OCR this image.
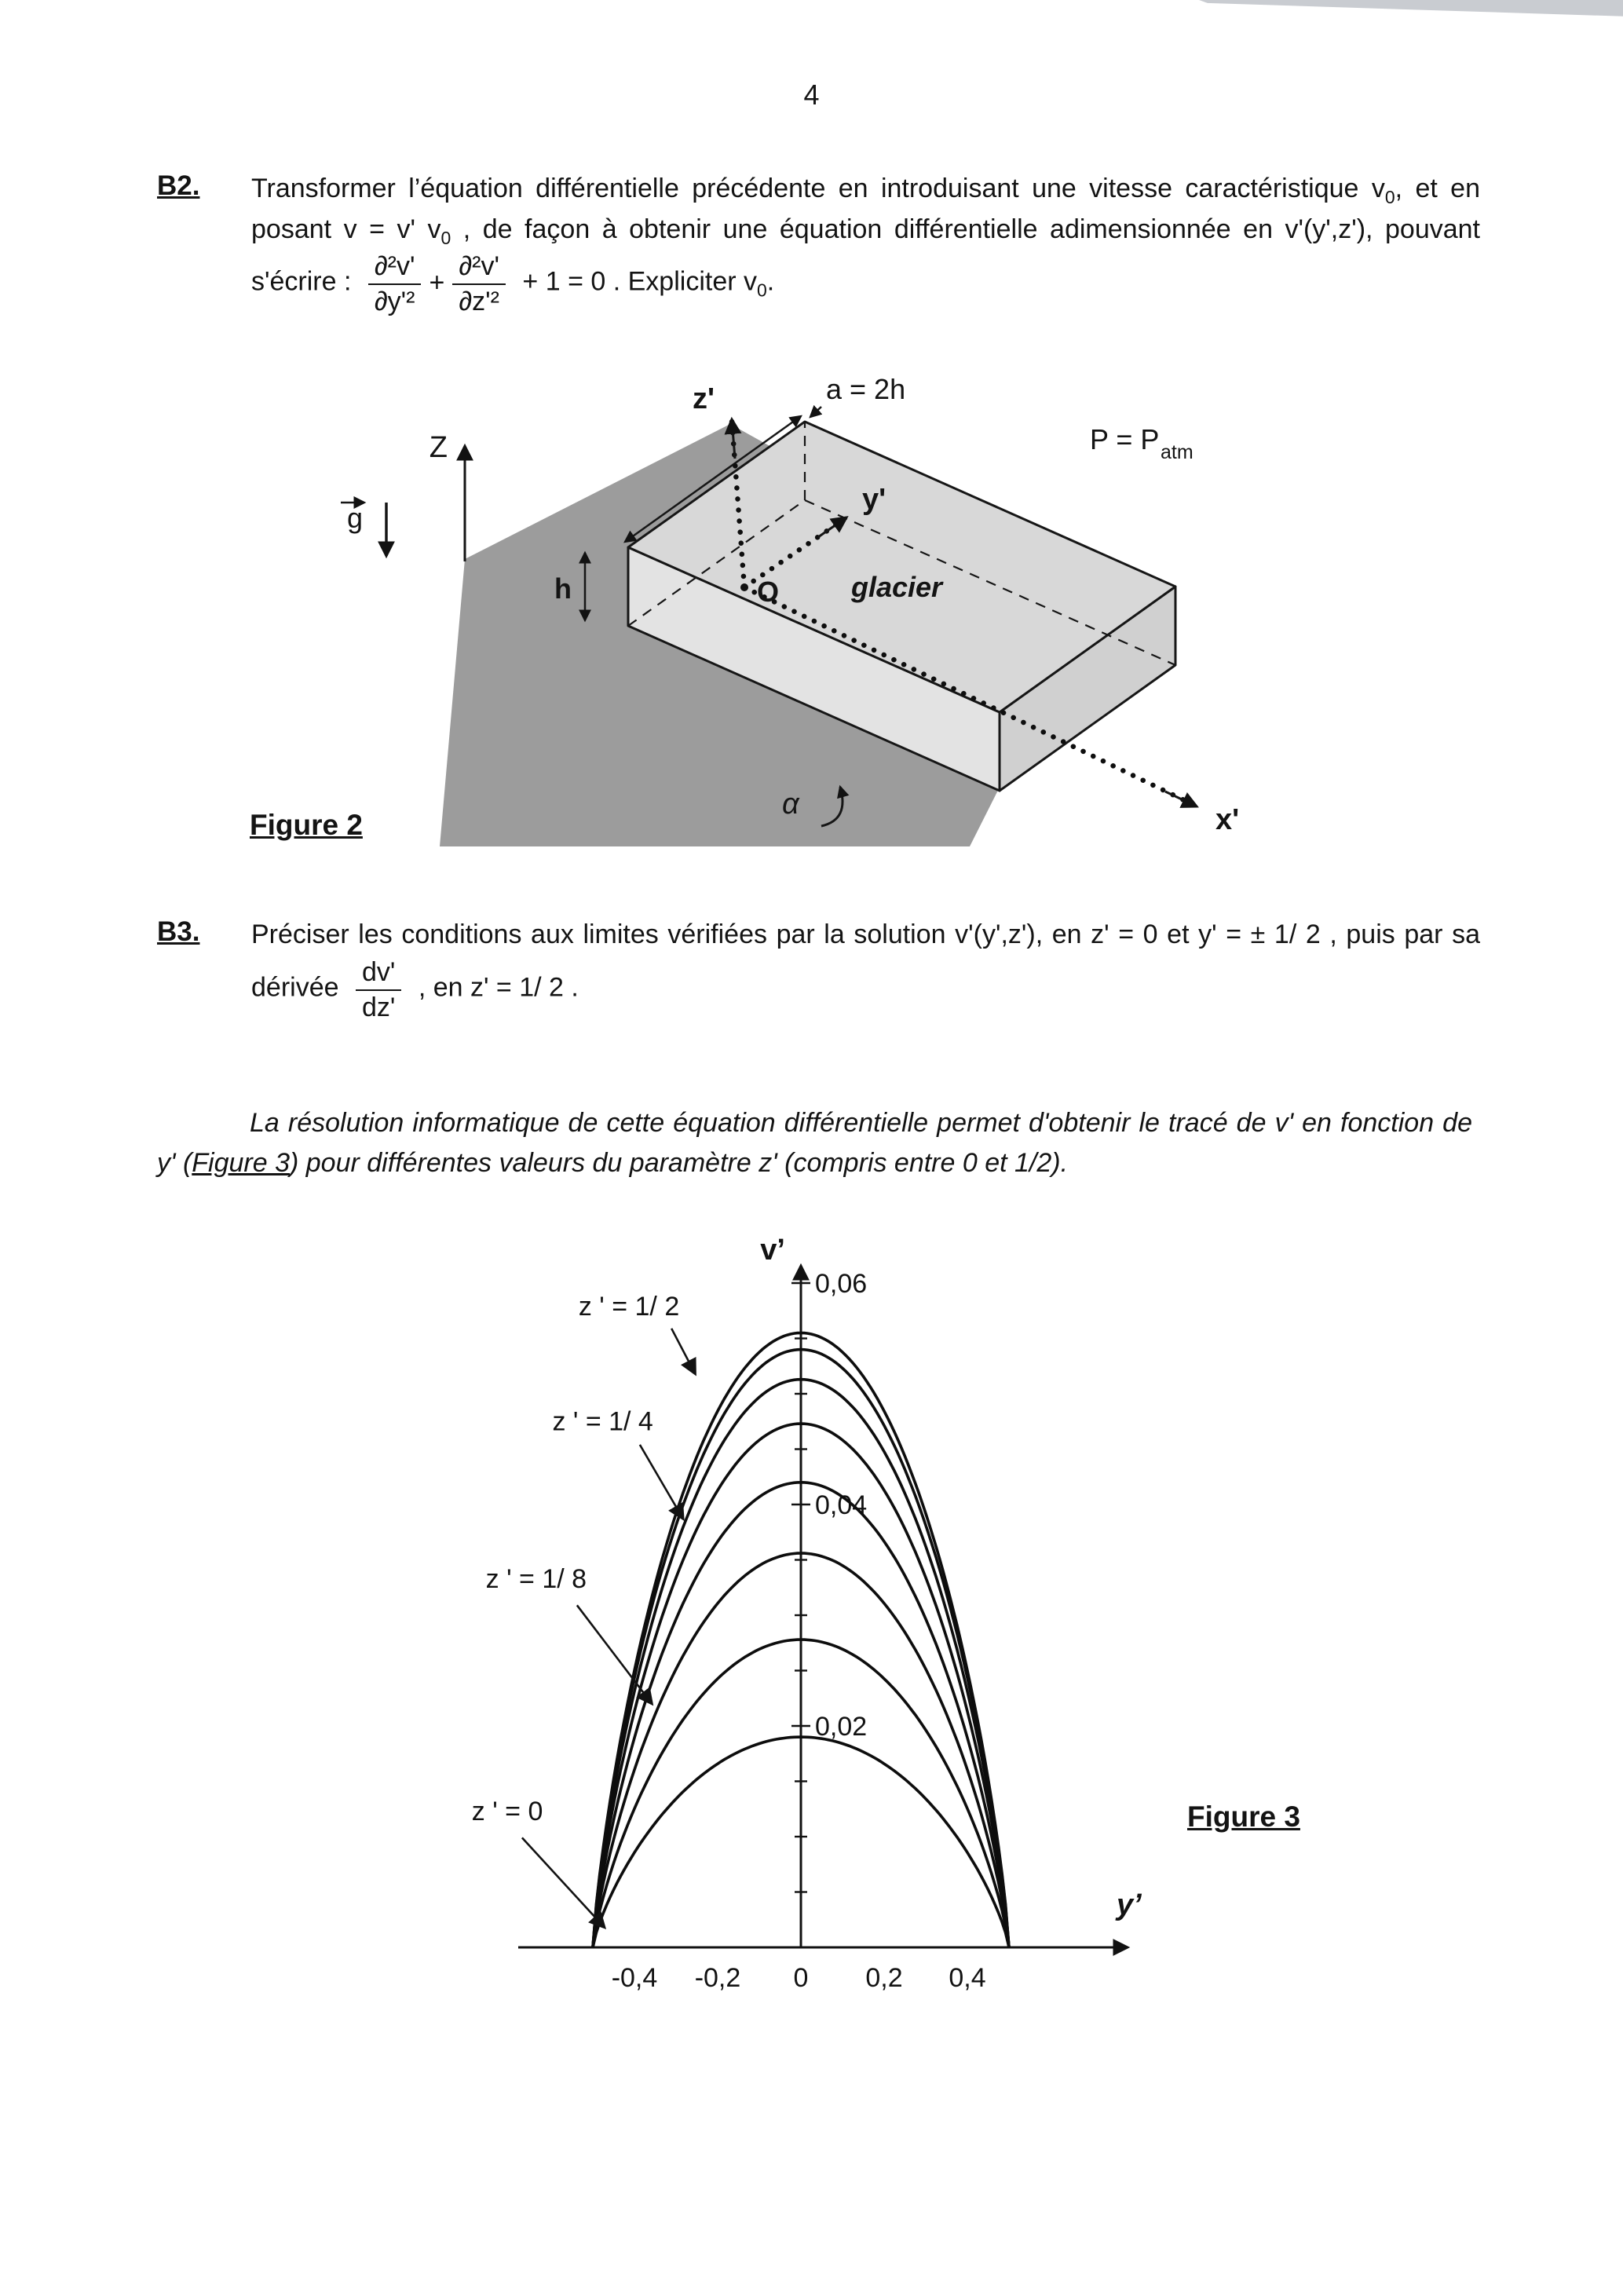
4
B2.	Transformer l’équation différentielle précédente en introduisant une vitesse caractéristique $v_0$, et en posant v = v' $v_0$ , de façon à obtenir une équation différentielle adimensionnée en v'(y',z'), pouvant s'écrire : $\frac{\text{∂²v'}}{\text{∂y'²}} + \frac{\text{∂²v'}}{\text{∂z'²}} + 1 = 0$ . Expliciter $v_0$.
Z
g
h
a = 2h
z'
y'
x'
O	glacier
α
P = P atm
Figure 2
B3.	Préciser les conditions aux limites vérifiées par la solution v'(y',z'), en z' = 0 et y' = ± 1/ 2 , puis par sa dérivée $\frac{dv'}{dz'}$ , en z' = 1/ 2 .
La résolution informatique de cette équation différentielle permet d'obtenir le tracé de v' en fonction de y' (Figure 3) pour différentes valeurs du paramètre z' (compris entre 0 et 1/2).
v’
y’
0,02
0,04
0,06
-0,4 -0,2 0 0,2 0,4
z ' = 1/ 2
z ' = 1/ 4
z ' = 1/ 8
z ' = 0	Figure 3
